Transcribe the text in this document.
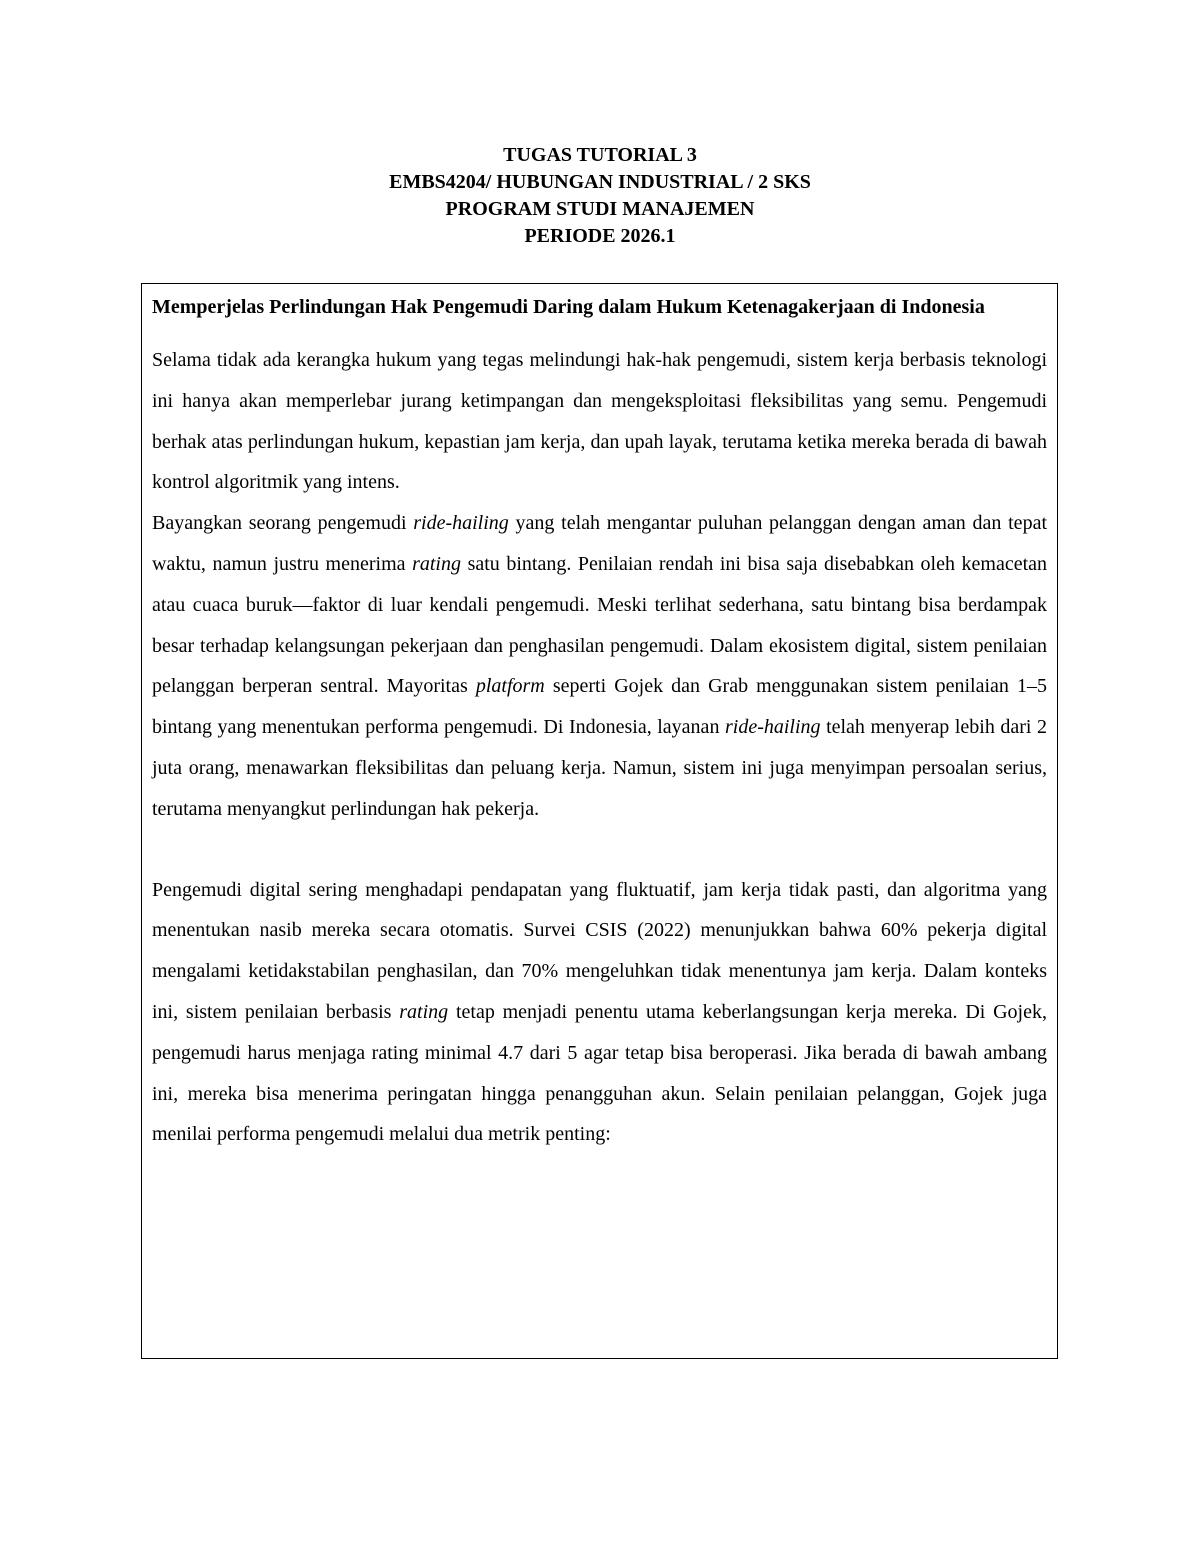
TUGAS TUTORIAL 3
EMBS4204/ HUBUNGAN INDUSTRIAL / 2 SKS
PROGRAM STUDI MANAJEMEN
PERIODE 2026.1
Memperjelas Perlindungan Hak Pengemudi Daring dalam Hukum Ketenagakerjaan di Indonesia

Selama tidak ada kerangka hukum yang tegas melindungi hak-hak pengemudi, sistem kerja berbasis teknologi ini hanya akan memperlebar jurang ketimpangan dan mengeksploitasi fleksibilitas yang semu. Pengemudi berhak atas perlindungan hukum, kepastian jam kerja, dan upah layak, terutama ketika mereka berada di bawah kontrol algoritmik yang intens.

Bayangkan seorang pengemudi ride-hailing yang telah mengantar puluhan pelanggan dengan aman dan tepat waktu, namun justru menerima rating satu bintang. Penilaian rendah ini bisa saja disebabkan oleh kemacetan atau cuaca buruk—faktor di luar kendali pengemudi. Meski terlihat sederhana, satu bintang bisa berdampak besar terhadap kelangsungan pekerjaan dan penghasilan pengemudi. Dalam ekosistem digital, sistem penilaian pelanggan berperan sentral. Mayoritas platform seperti Gojek dan Grab menggunakan sistem penilaian 1–5 bintang yang menentukan performa pengemudi. Di Indonesia, layanan ride-hailing telah menyerap lebih dari 2 juta orang, menawarkan fleksibilitas dan peluang kerja. Namun, sistem ini juga menyimpan persoalan serius, terutama menyangkut perlindungan hak pekerja.

Pengemudi digital sering menghadapi pendapatan yang fluktuatif, jam kerja tidak pasti, dan algoritma yang menentukan nasib mereka secara otomatis. Survei CSIS (2022) menunjukkan bahwa 60% pekerja digital mengalami ketidakstabilan penghasilan, dan 70% mengeluhkan tidak menentunya jam kerja. Dalam konteks ini, sistem penilaian berbasis rating tetap menjadi penentu utama keberlangsungan kerja mereka. Di Gojek, pengemudi harus menjaga rating minimal 4.7 dari 5 agar tetap bisa beroperasi. Jika berada di bawah ambang ini, mereka bisa menerima peringatan hingga penangguhan akun. Selain penilaian pelanggan, Gojek juga menilai performa pengemudi melalui dua metrik penting:
